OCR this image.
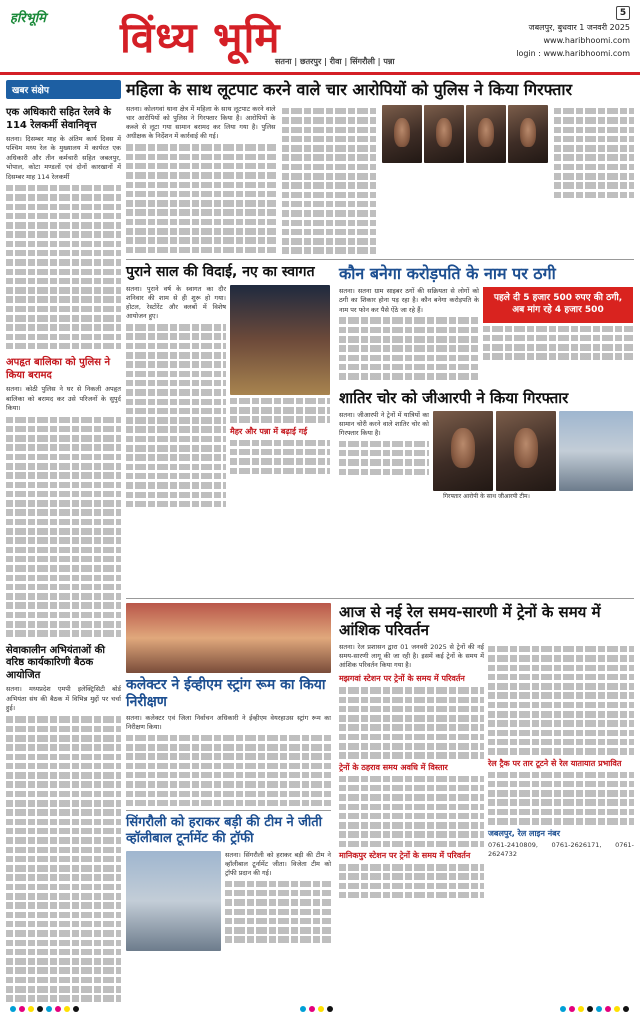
हरिभूमि विंध्य भूमि
सतना | छतरपुर | रीवा | सिंगरौली | पन्ना
5
जबलपुर, बुधवार 1 जनवरी 2025
www.haribhoomi.com
login : www.haribhoomi.com
खबर संक्षेप
एक अधिकारी सहित रेलवे के 114 रेलकर्मी सेवानिवृत्त
सतना। दिसम्बर माह के अंतिम कार्य दिवस में पश्चिम मध्य रेल के मुख्यालय में कार्यरत एक अधिकारी और तीन कर्मचारी सहित जबलपुर, भोपाल, कोटा मण्डलों एवं दोनों कारखानों में दिसम्बर माह 114 रेलकर्मी
अपहृत बालिका को पुलिस ने किया बरामद
सतना। कोठी पुलिस ने घर से निकली अपहृत बालिका को बरामद कर उसे परिजनों के सुपुर्द किया।
सेवाकालीन अभियंताओं की वरिष्ठ कार्यकारिणी बैठक आयोजित
सतना। मध्यप्रदेश एमपी इलेक्ट्रिसिटी बोर्ड अभियंता संघ की बैठक में विभिन्न मुद्दों पर चर्चा हुई।
महिला के साथ लूटपाट करने वाले चार आरोपियों को पुलिस ने किया गिरफ्तार
सतना। कोलगवां थाना क्षेत्र में महिला के साथ लूटपाट करने वाले चार आरोपियों को पुलिस ने गिरफ्तार किया है। आरोपियों के कब्जे से लूटा गया सामान बरामद कर लिया गया है। पुलिस अधीक्षक के निर्देशन में कार्रवाई की गई।
पुराने साल की विदाई, नए का स्वागत
सतना। पुराने वर्ष के स्वागत का दौर शनिवार की शाम से ही शुरू हो गया। होटल, रेस्टोरेंट और क्लबों में विशेष आयोजन हुए।
मैहर और पन्ना में बढ़ाई गई
कौन बनेगा करोड़पति के नाम पर ठगी
सतना। सतना ग्राम साइबर ठगों की सक्रियता से लोगों को ठगी का शिकार होना पड़ रहा है। कौन बनेगा करोड़पति के नाम पर फोन कर पैसे ऐंठे जा रहे हैं।
पहले दी 5 हजार 500 रुपए की ठगी, अब मांग रहे 4 हजार 500
शातिर चोर को जीआरपी ने किया गिरफ्तार
सतना। जीआरपी ने ट्रेनों में यात्रियों का सामान चोरी करने वाले शातिर चोर को गिरफ्तार किया है।
गिरफ्तार आरोपी के साथ जीआरपी टीम।
कलेक्टर ने ईव्हीएम स्ट्रांग रूम का किया निरीक्षण
सतना। कलेक्टर एवं जिला निर्वाचन अधिकारी ने ईव्हीएम वेयरहाउस स्ट्रांग रूम का निरीक्षण किया।
सिंगरौली को हराकर बड़ी की टीम ने जीती व्हॉलीबाल टूर्नामेंट की ट्रॉफी
सतना। सिंगरौली को हराकर बड़ी की टीम ने व्हॉलीबाल टूर्नामेंट जीता। विजेता टीम को ट्रॉफी प्रदान की गई।
आज से नई रेल समय-सारणी में ट्रेनों के समय में आंशिक परिवर्तन
सतना। रेल प्रशासन द्वारा 01 जनवरी 2025 से ट्रेनों की नई समय-सारणी लागू की जा रही है। इसमें कई ट्रेनों के समय में आंशिक परिवर्तन किया गया है।
मझगवां स्टेशन पर ट्रेनों के समय में परिवर्तन
ट्रेनों के ठहराव समय अवधि में विस्तार
मानिकपुर स्टेशन पर ट्रेनों के समय में परिवर्तन
रेल ट्रैक पर तार टूटने से रेल यातायात प्रभावित
जबलपुर, रेल लाइन नंबर
0761-2410809, 0761-2626171, 0761-2624732
